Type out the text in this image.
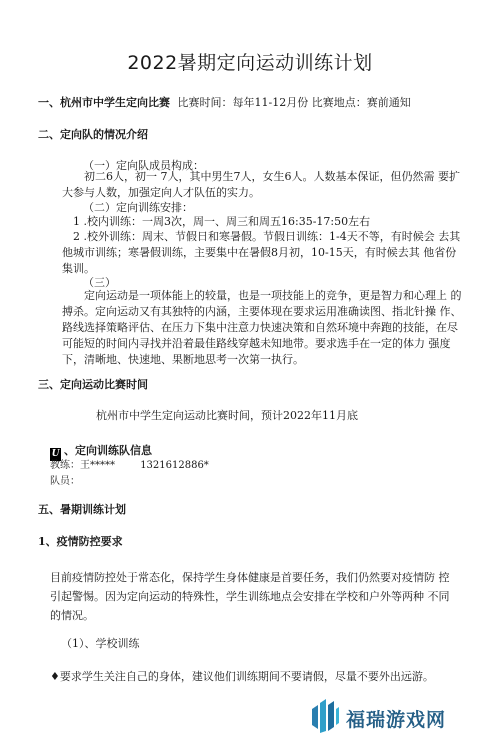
2022暑期定向运动训练计划
一、杭州市中学生定向比赛 比赛时间：每年11-12月份 比赛地点：赛前通知
二、定向队的情况介绍
（一）定向队成员构成：
初二6人，初一 7人，其中男生7人，女生6人。人数基本保证，但仍然需 要扩大参与人数，加强定向人才队伍的实力。
（二）定向训练安排：
1 .校内训练：一周3次，周一、周三和周五16:35-17:50左右
2 .校外训练：周末、节假日和寒暑假。节假日训练：1-4天不等，有时候会 去其他城市训练；寒暑假训练，主要集中在暑假8月初，10-15天，有时候去其 他省份集训。
（三）
定向运动是一项体能上的较量，也是一项技能上的竞争，更是智力和心理上 的搏杀。定向运动又有其独特的内涵，主要体现在要求运用准确读图、指北针操 作、路线选择策略评估、在压力下集中注意力快速决策和自然环境中奔跑的技能，在尽可能短的时间内寻找并沿着最佳路线穿越未知地带。要求选手在一定的体力 强度下，清晰地、快速地、果断地思考一次第一执行。
三、定向运动比赛时间
杭州市中学生定向运动比赛时间，预计2022年11月底
U 、定向训练队信息
教练：王*****	1321612886*
队员：
五、暑期训练计划
1、疫情防控要求
目前疫情防控处于常态化，保持学生身体健康是首要任务，我们仍然要对疫情防 控引起警惕。因为定向运动的特殊性，学生训练地点会安排在学校和户外等两种 不同的情况。
（1）、学校训练
♦要求学生关注自己的身体，建议他们训练期间不要请假，尽量不要外出远游。
福瑞游戏网
